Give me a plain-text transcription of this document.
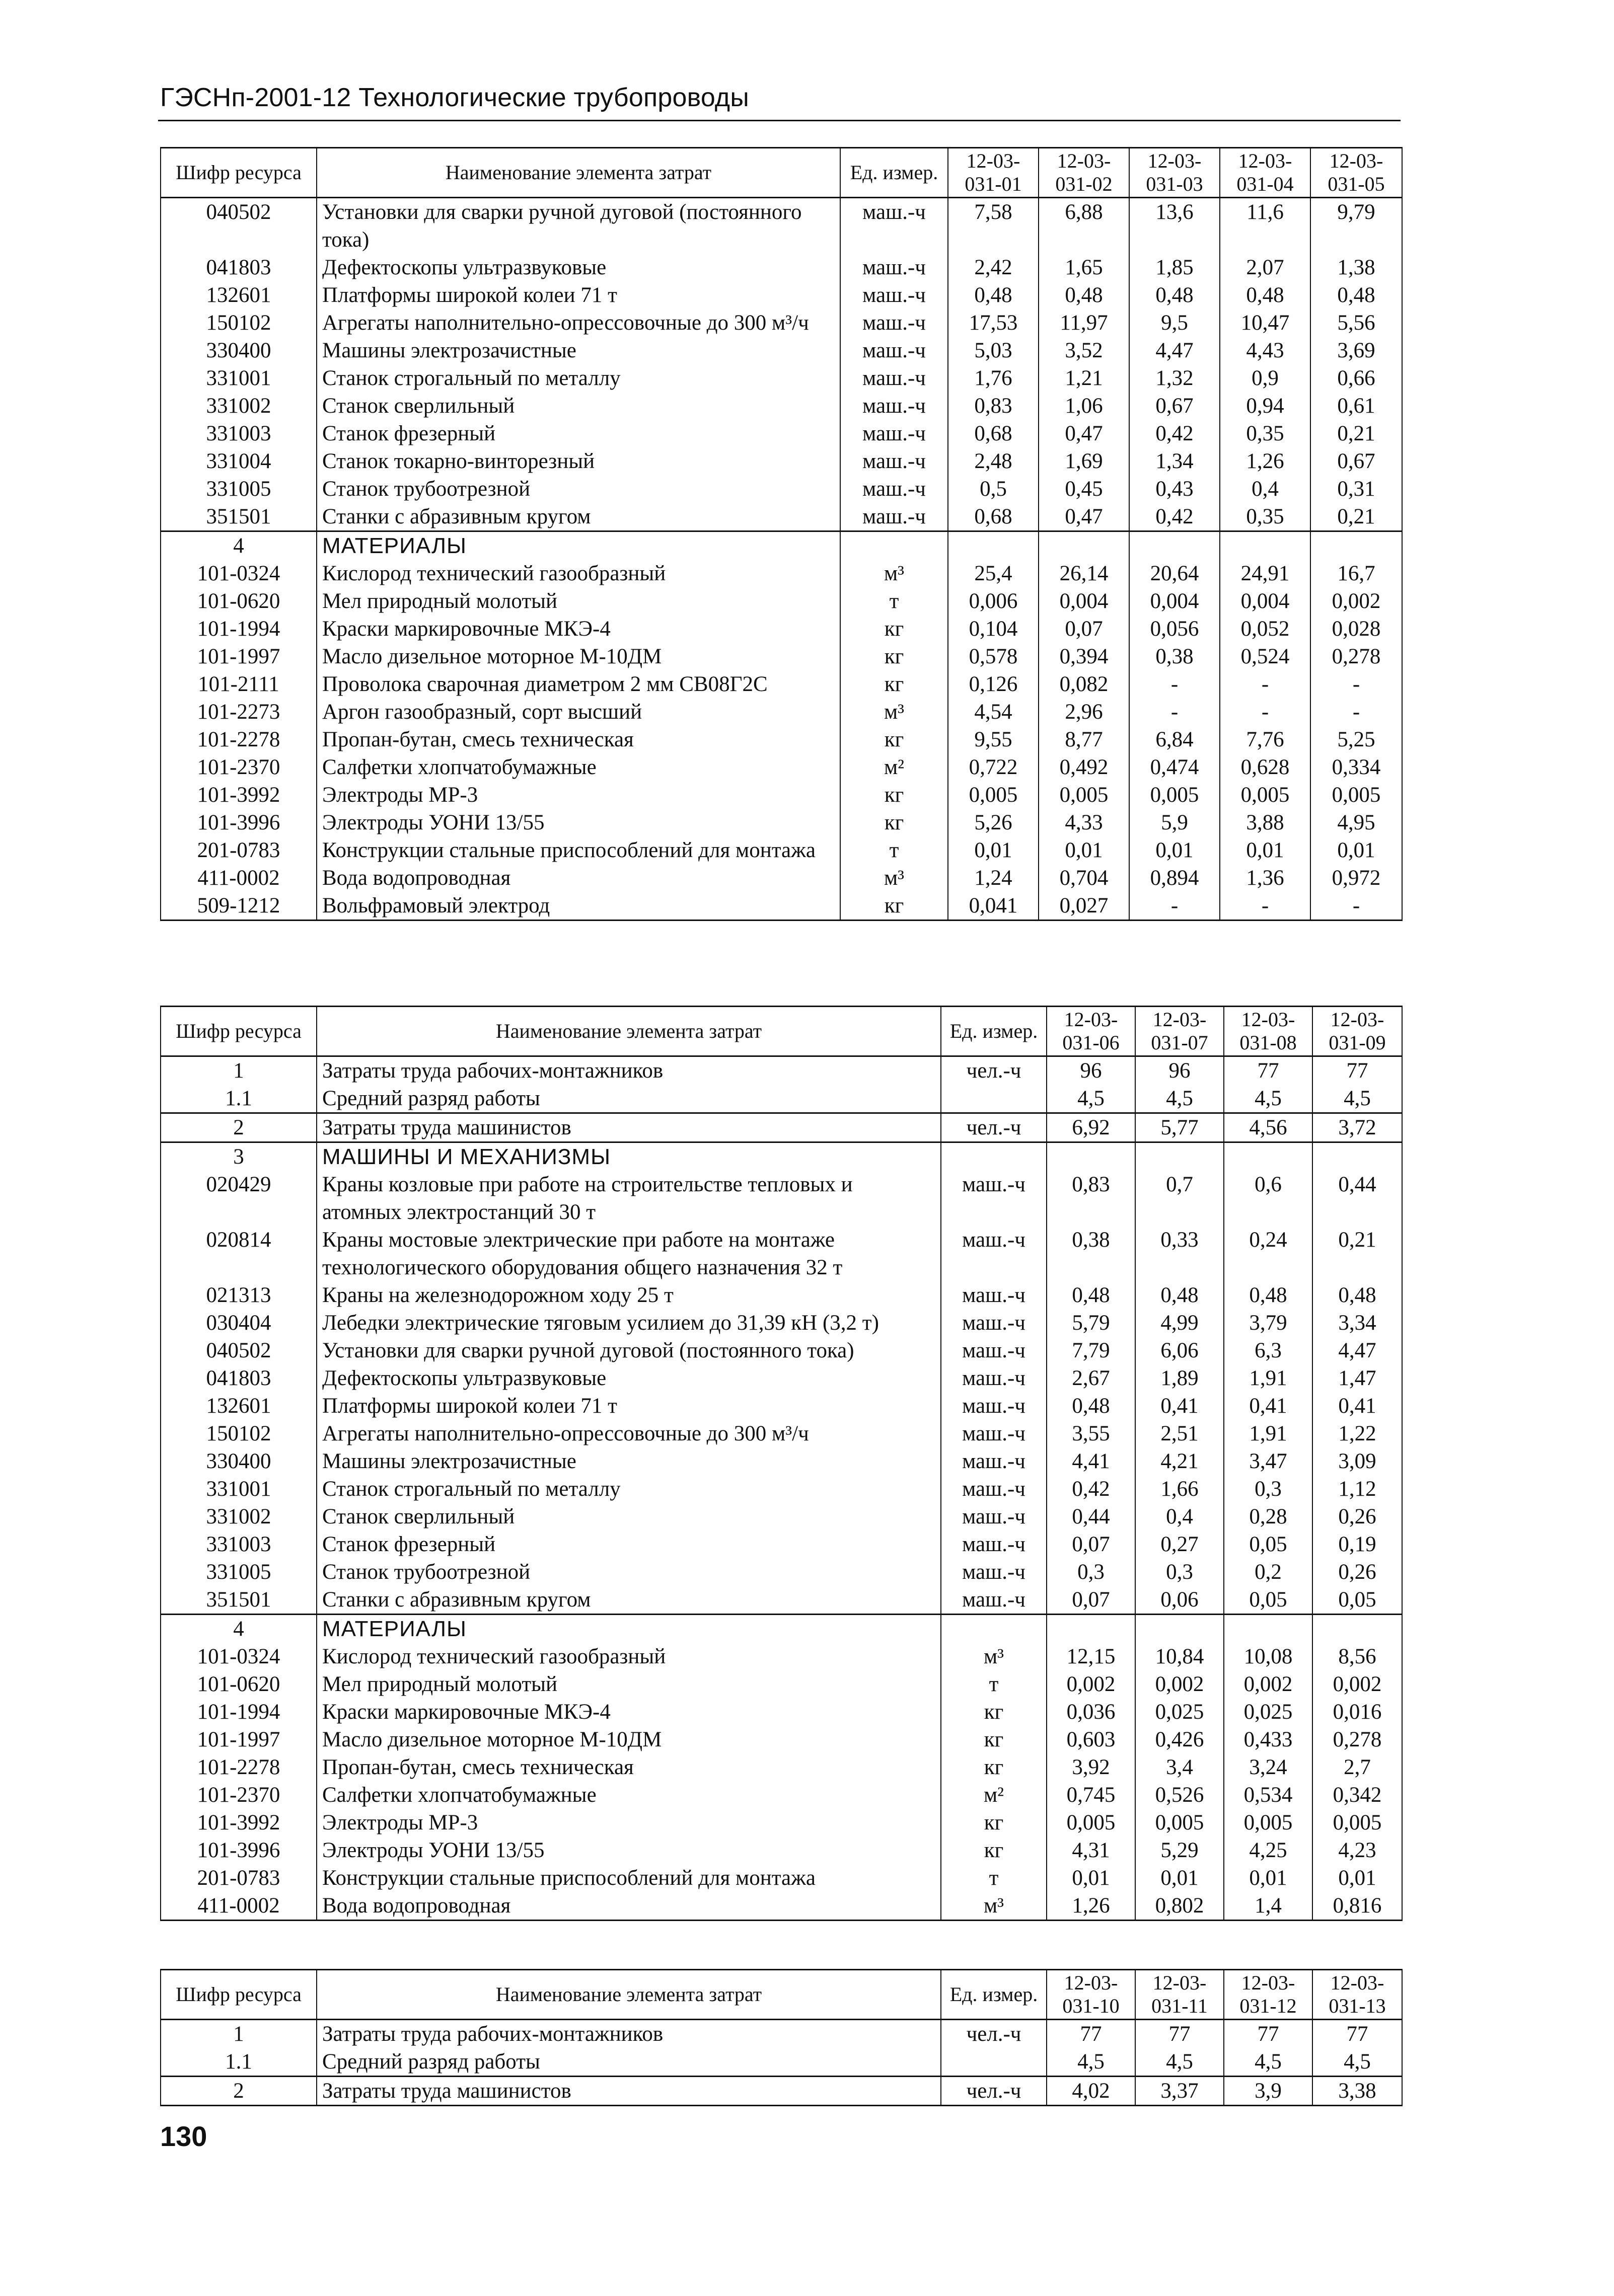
ГЭСНп-2001-12 Технологические трубопроводы
Шифр ресурса	Наименование элемента затрат	Ед. измер.	12-03-031-01	12-03-031-02	12-03-031-03	12-03-031-04	12-03-031-05
040502	Установки для сварки ручной дуговой (постоянного тока)	маш.-ч	7,58	6,88	13,6	11,6	9,79
041803	Дефектоскопы ультразвуковые	маш.-ч	2,42	1,65	1,85	2,07	1,38
132601	Платформы широкой колеи 71 т	маш.-ч	0,48	0,48	0,48	0,48	0,48
150102	Агрегаты наполнительно-опрессовочные до 300 м³/ч	маш.-ч	17,53	11,97	9,5	10,47	5,56
330400	Машины электрозачистные	маш.-ч	5,03	3,52	4,47	4,43	3,69
331001	Станок строгальный по металлу	маш.-ч	1,76	1,21	1,32	0,9	0,66
331002	Станок сверлильный	маш.-ч	0,83	1,06	0,67	0,94	0,61
331003	Станок фрезерный	маш.-ч	0,68	0,47	0,42	0,35	0,21
331004	Станок токарно-винторезный	маш.-ч	2,48	1,69	1,34	1,26	0,67
331005	Станок трубоотрезной	маш.-ч	0,5	0,45	0,43	0,4	0,31
351501	Станки с абразивным кругом	маш.-ч	0,68	0,47	0,42	0,35	0,21
4	МАТЕРИАЛЫ						
101-0324	Кислород технический газообразный	м³	25,4	26,14	20,64	24,91	16,7
101-0620	Мел природный молотый	т	0,006	0,004	0,004	0,004	0,002
101-1994	Краски маркировочные МКЭ-4	кг	0,104	0,07	0,056	0,052	0,028
101-1997	Масло дизельное моторное М-10ДМ	кг	0,578	0,394	0,38	0,524	0,278
101-2111	Проволока сварочная диаметром 2 мм СВ08Г2С	кг	0,126	0,082	-	-	-
101-2273	Аргон газообразный, сорт высший	м³	4,54	2,96	-	-	-
101-2278	Пропан-бутан, смесь техническая	кг	9,55	8,77	6,84	7,76	5,25
101-2370	Салфетки хлопчатобумажные	м²	0,722	0,492	0,474	0,628	0,334
101-3992	Электроды МР-3	кг	0,005	0,005	0,005	0,005	0,005
101-3996	Электроды УОНИ 13/55	кг	5,26	4,33	5,9	3,88	4,95
201-0783	Конструкции стальные приспособлений для монтажа	т	0,01	0,01	0,01	0,01	0,01
411-0002	Вода водопроводная	м³	1,24	0,704	0,894	1,36	0,972
509-1212	Вольфрамовый электрод	кг	0,041	0,027	-	-	-
Шифр ресурса	Наименование элемента затрат	Ед. измер.	12-03-031-06	12-03-031-07	12-03-031-08	12-03-031-09
1	Затраты труда рабочих-монтажников	чел.-ч	96	96	77	77
1.1	Средний разряд работы		4,5	4,5	4,5	4,5
2	Затраты труда машинистов	чел.-ч	6,92	5,77	4,56	3,72
3	МАШИНЫ И МЕХАНИЗМЫ					
020429	Краны козловые при работе на строительстве тепловых и атомных электростанций 30 т	маш.-ч	0,83	0,7	0,6	0,44
020814	Краны мостовые электрические при работе на монтаже технологического оборудования общего назначения 32 т	маш.-ч	0,38	0,33	0,24	0,21
021313	Краны на железнодорожном ходу 25 т	маш.-ч	0,48	0,48	0,48	0,48
030404	Лебедки электрические тяговым усилием до 31,39 кН (3,2 т)	маш.-ч	5,79	4,99	3,79	3,34
040502	Установки для сварки ручной дуговой (постоянного тока)	маш.-ч	7,79	6,06	6,3	4,47
041803	Дефектоскопы ультразвуковые	маш.-ч	2,67	1,89	1,91	1,47
132601	Платформы широкой колеи 71 т	маш.-ч	0,48	0,41	0,41	0,41
150102	Агрегаты наполнительно-опрессовочные до 300 м³/ч	маш.-ч	3,55	2,51	1,91	1,22
330400	Машины электрозачистные	маш.-ч	4,41	4,21	3,47	3,09
331001	Станок строгальный по металлу	маш.-ч	0,42	1,66	0,3	1,12
331002	Станок сверлильный	маш.-ч	0,44	0,4	0,28	0,26
331003	Станок фрезерный	маш.-ч	0,07	0,27	0,05	0,19
331005	Станок трубоотрезной	маш.-ч	0,3	0,3	0,2	0,26
351501	Станки с абразивным кругом	маш.-ч	0,07	0,06	0,05	0,05
4	МАТЕРИАЛЫ					
101-0324	Кислород технический газообразный	м³	12,15	10,84	10,08	8,56
101-0620	Мел природный молотый	т	0,002	0,002	0,002	0,002
101-1994	Краски маркировочные МКЭ-4	кг	0,036	0,025	0,025	0,016
101-1997	Масло дизельное моторное М-10ДМ	кг	0,603	0,426	0,433	0,278
101-2278	Пропан-бутан, смесь техническая	кг	3,92	3,4	3,24	2,7
101-2370	Салфетки хлопчатобумажные	м²	0,745	0,526	0,534	0,342
101-3992	Электроды МР-3	кг	0,005	0,005	0,005	0,005
101-3996	Электроды УОНИ 13/55	кг	4,31	5,29	4,25	4,23
201-0783	Конструкции стальные приспособлений для монтажа	т	0,01	0,01	0,01	0,01
411-0002	Вода водопроводная	м³	1,26	0,802	1,4	0,816
Шифр ресурса	Наименование элемента затрат	Ед. измер.	12-03-031-10	12-03-031-11	12-03-031-12	12-03-031-13
1	Затраты труда рабочих-монтажников	чел.-ч	77	77	77	77
1.1	Средний разряд работы		4,5	4,5	4,5	4,5
2	Затраты труда машинистов	чел.-ч	4,02	3,37	3,9	3,38
130
